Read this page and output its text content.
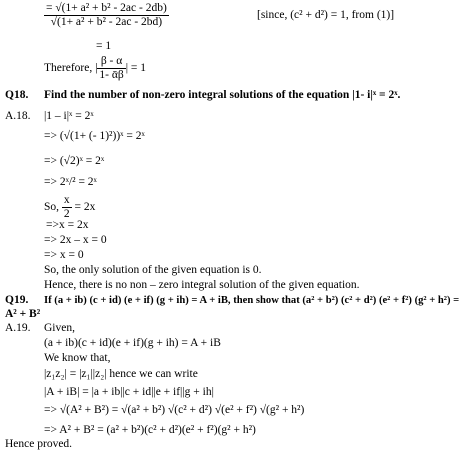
$\frac{\text{= √(1+ a² + b² - 2ac - 2db)}}{\text{√(1+ a² + b² - 2ac - 2bd)}}$	[since, (c² + d²) = 1, from (1)]
= 1
Therefore, | $\frac{\beta - \alpha}{\text{1- ᾱβ}}$ | = 1
Q18. Find the number of non-zero integral solutions of the equation |1- i|ˣ = 2ˣ.
A.18. |1 – i|ˣ = 2ˣ
=> (√(1+ (- 1)²))ˣ = 2ˣ
=> (√2)ˣ = 2ˣ
=> 2ˣ/² = 2ˣ
So, $\frac{x}{2} = 2x$
=>x = 2x
=> 2x – x = 0
=> x = 0
So, the only solution of the given equation is 0.
Hence, there is no non – zero integral solution of the given equation.
Q19. If (a + ib) (c + id) (e + if) (g + ih) = A + iB, then show that (a² + b²) (c² + d²) (e² + f²) (g² + h²) =
A² + B²
A.19. Given,
(a + ib)(c + id)(e + if)(g + ih) = A + iB
We know that,
|z₁z₂| = |z₁||z₂| hence we can write
|A + iB| = |a + ib||c + id||e + if||g + ih|
=> √(A² + B²) = √(a² + b²) √(c² + d²) √(e² + f²) √(g² + h²)
=> A² + B² = (a² + b²)(c² + d²)(e² + f²)(g² + h²)
Hence proved.
